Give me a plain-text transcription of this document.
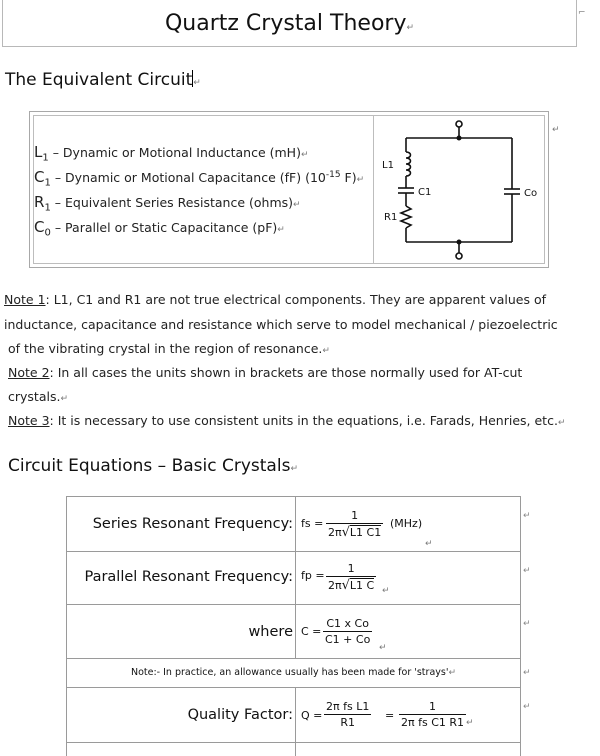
Quartz Crystal Theory↵
⌐
The Equivalent Circuit↵
$L_1$ – Dynamic or Motional Inductance (mH)↵
$C_1$ – Dynamic or Motional Capacitance (fF) ($10^{-15}$ F)↵
$R_1$ – Equivalent Series Resistance (ohms)↵
$C_0$ – Parallel or Static Capacitance (pF)↵
L1
C1
R1
Co
↵
Note 1: L1, C1 and R1 are not true electrical components. They are apparent values of
inductance, capacitance and resistance which serve to model mechanical / piezoelectric
of the vibrating crystal in the region of resonance.↵
Note 2: In all cases the units shown in brackets are those normally used for AT-cut
crystals.↵
Note 3: It is necessary to use consistent units in the equations, i.e. Farads, Henries, etc.↵
Circuit Equations – Basic Crystals↵
Series Resonant Frequency: fs = $\frac{1}{2\pi√L1 C1} (MHz)$
↵
Parallel Resonant Frequency: fp = $\frac{1}{2\pi√L1 C}$ ↵
where $C = \frac{\text{C1 x Co}}{C1 + Co}$
↵
Note:- In practice, an allowance usually has been made for 'strays'↵
Quality Factor: $Q = \frac{\text{2π fs L1}}{R1} = \frac{1}{\text{2π fs C1 R1}}$ ↵
↵
↵
↵
↵
↵
